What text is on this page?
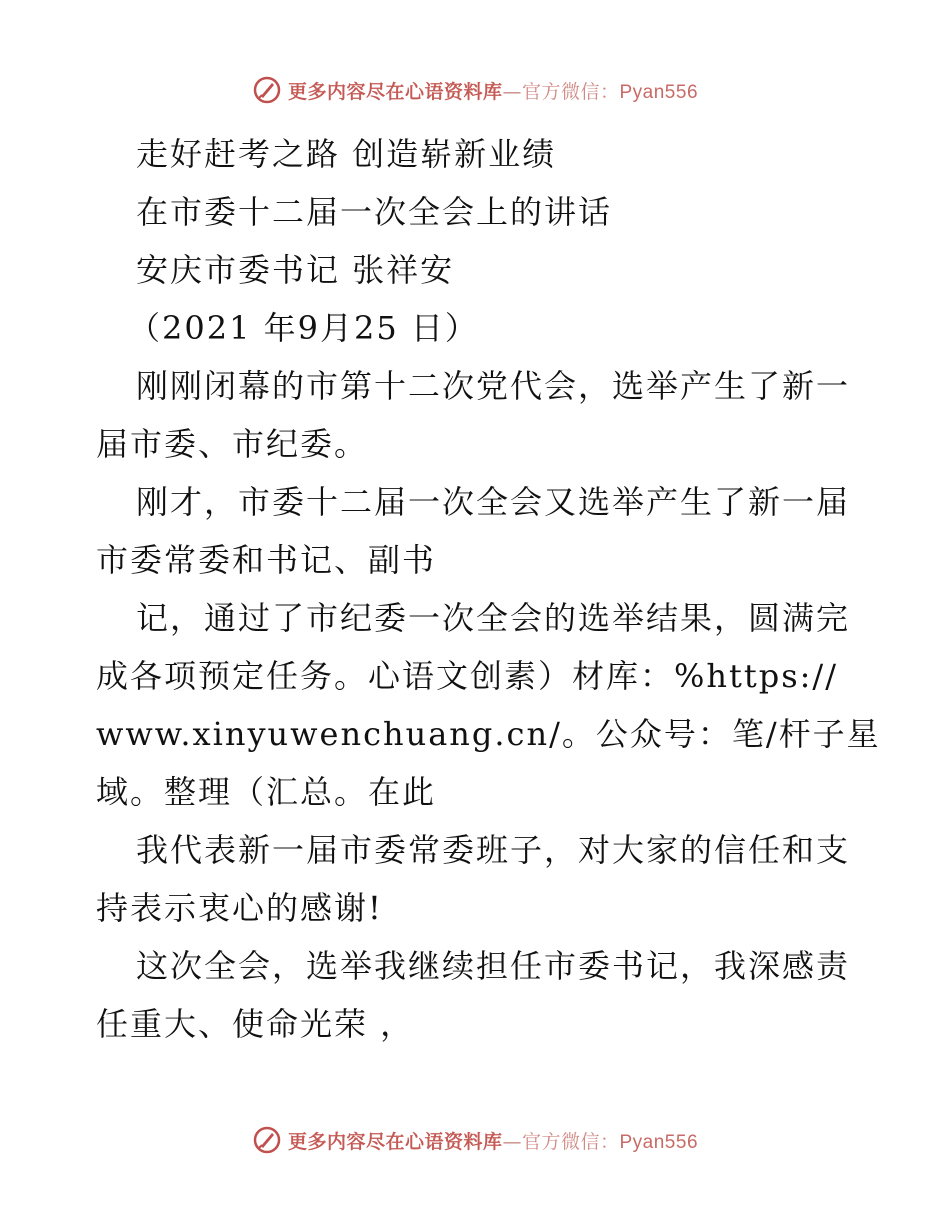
更多内容尽在心语资料库—官方微信：Pyan556
走好赶考之路 创造崭新业绩
在市委十二届一次全会上的讲话
安庆市委书记 张祥安
（2021 年9月25 日）
刚刚闭幕的市第十二次党代会，选举产生了新一
届市委、市纪委。
刚才，市委十二届一次全会又选举产生了新一届
市委常委和书记、副书
记，通过了市纪委一次全会的选举结果，圆满完
成各项预定任务。心语文创素）材库：%https://
www.xinyuwenchuang.cn/。公众号：笔/杆子星
域。整理（汇总。在此
我代表新一届市委常委班子，对大家的信任和支
持表示衷心的感谢!
这次全会，选举我继续担任市委书记，我深感责
任重大、使命光荣 ，
更多内容尽在心语资料库—官方微信：Pyan556
